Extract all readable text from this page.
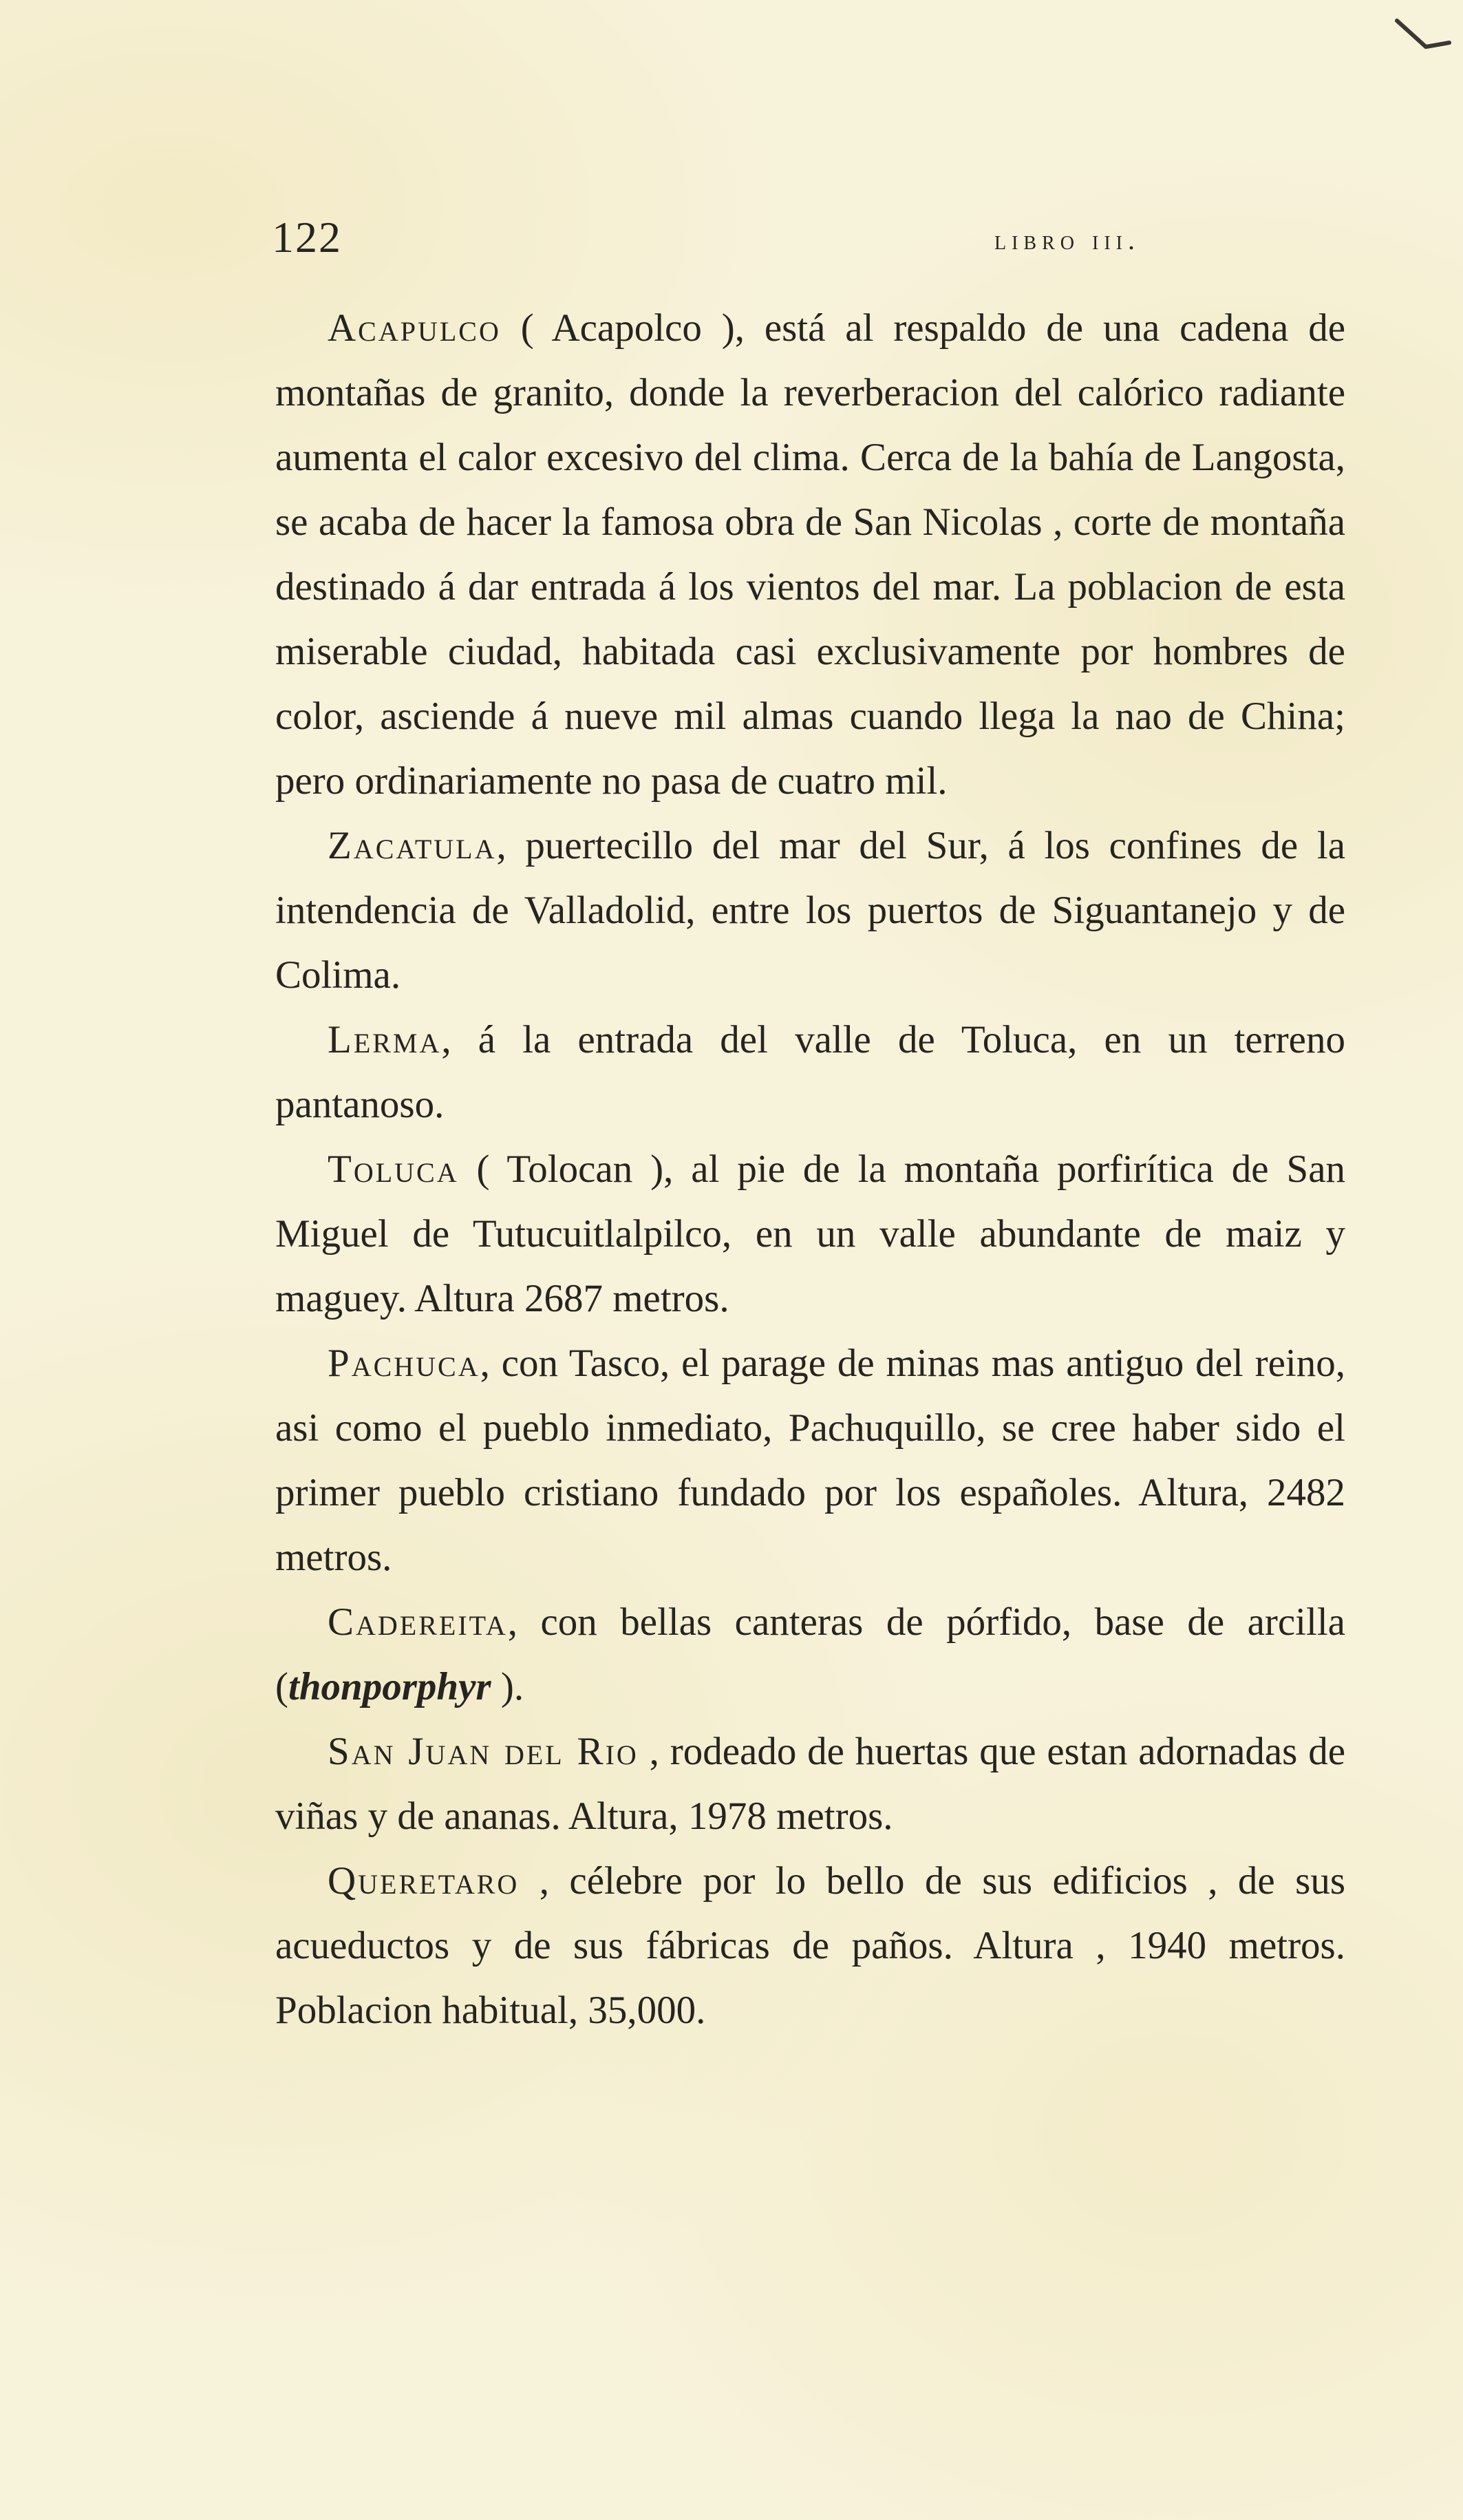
122	libro iii.

Acapulco ( Acapolco ), está al respaldo de una cadena de montañas de granito, donde la reverberacion del calórico radiante aumenta el calor excesivo del clima. Cerca de la bahía de Langosta, se acaba de hacer la famosa obra de San Nicolas , corte de montaña destinado á dar entrada á los vientos del mar. La poblacion de esta miserable ciudad, habitada casi exclusivamente por hombres de color, asciende á nueve mil almas cuando llega la nao de China; pero ordinariamente no pasa de cuatro mil.

Zacatula, puertecillo del mar del Sur, á los confines de la intendencia de Valladolid, entre los puertos de Siguantanejo y de Colima.

Lerma, á la entrada del valle de Toluca, en un terreno pantanoso.

Toluca ( Tolocan ), al pie de la montaña porfirítica de San Miguel de Tutucuitlalpilco, en un valle abundante de maiz y maguey. Altura 2687 metros.

Pachuca, con Tasco, el parage de minas mas antiguo del reino, asi como el pueblo inmediato, Pachuquillo, se cree haber sido el primer pueblo cristiano fundado por los españoles. Altura, 2482 metros.

Cadereita, con bellas canteras de pórfido, base de arcilla (thonporphyr ).

San Juan del Rio , rodeado de huertas que estan adornadas de viñas y de ananas. Altura, 1978 metros.

Queretaro , célebre por lo bello de sus edificios , de sus acueductos y de sus fábricas de paños. Altura , 1940 metros. Poblacion habitual, 35,000.
